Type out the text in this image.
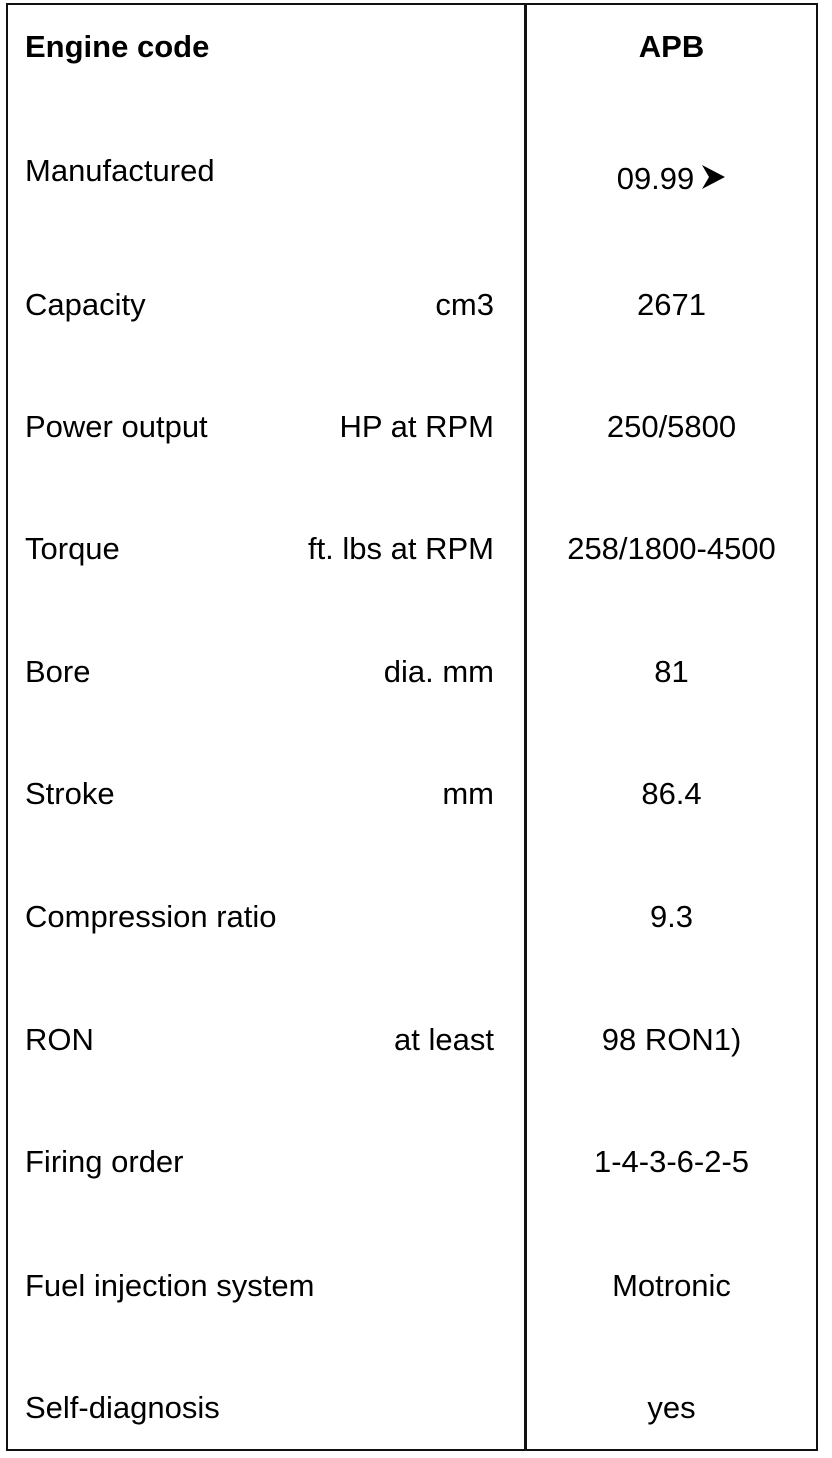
Engine code	APB
Manufactured	09.99
Capacity	cm3	2671
Power output	HP at RPM	250/5800
Torque	ft. lbs at RPM	258/1800-4500
Bore	dia. mm	81
Stroke	mm	86.4
Compression ratio	9.3
RON	at least	98 RON1)
Firing order	1-4-3-6-2-5
Fuel injection system	Motronic
Self-diagnosis	yes
